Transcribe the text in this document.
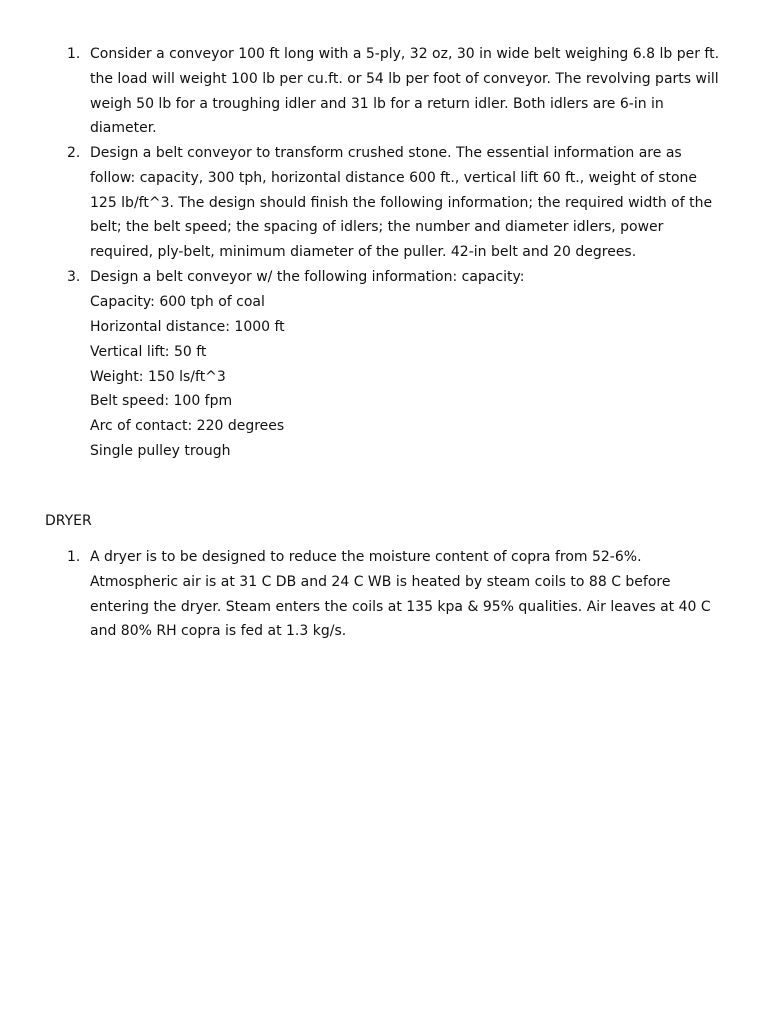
1. Consider a conveyor 100 ft long with a 5-ply, 32 oz, 30 in wide belt weighing 6.8 lb per ft. the load will weight 100 lb per cu.ft. or 54 lb per foot of conveyor. The revolving parts will weigh 50 lb for a troughing idler and 31 lb for a return idler. Both idlers are 6-in in diameter.
2. Design a belt conveyor to transform crushed stone. The essential information are as follow: capacity, 300 tph, horizontal distance 600 ft., vertical lift 60 ft., weight of stone 125 lb/ft^3. The design should finish the following information; the required width of the belt; the belt speed; the spacing of idlers; the number and diameter idlers, power required, ply-belt, minimum diameter of the puller. 42-in belt and 20 degrees.
3. Design a belt conveyor w/ the following information: capacity:
Capacity: 600 tph of coal
Horizontal distance: 1000 ft
Vertical lift: 50 ft
Weight: 150 ls/ft^3
Belt speed: 100 fpm
Arc of contact: 220 degrees
Single pulley trough
DRYER
1. A dryer is to be designed to reduce the moisture content of copra from 52-6%. Atmospheric air is at 31 C DB and 24 C WB is heated by steam coils to 88 C before entering the dryer. Steam enters the coils at 135 kpa & 95% qualities. Air leaves at 40 C and 80% RH copra is fed at 1.3 kg/s.
